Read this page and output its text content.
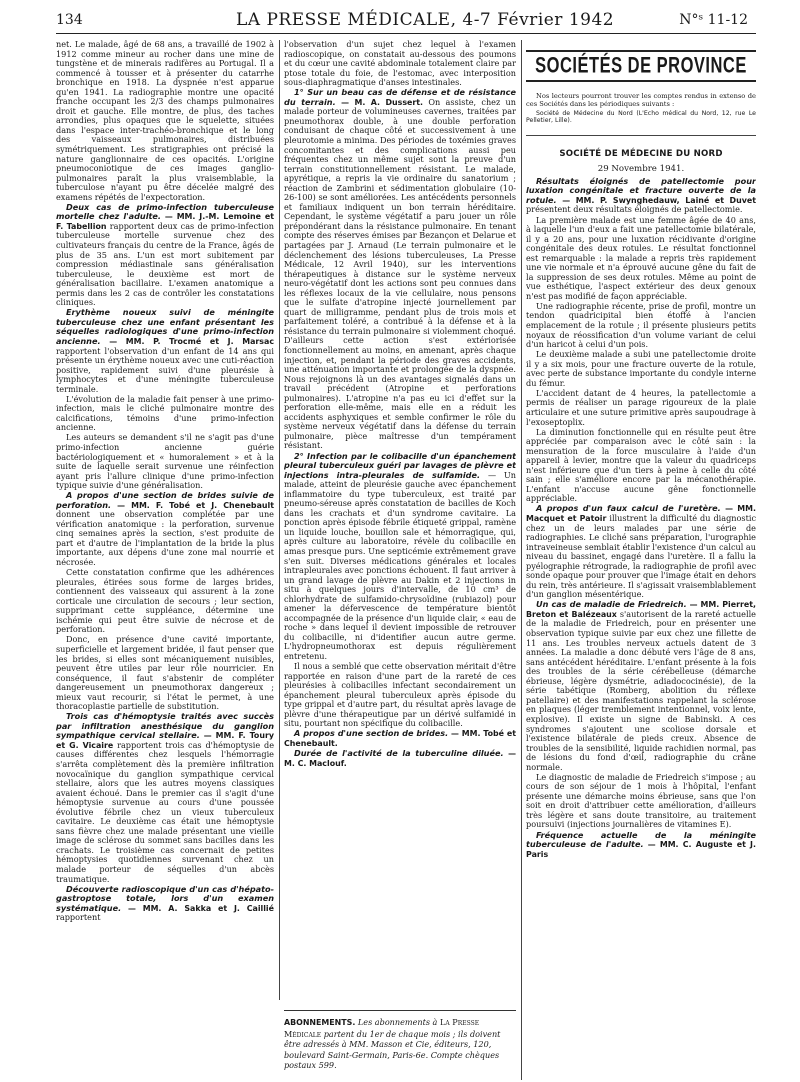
134	LA PRESSE MÉDICALE, 4-7 Février 1942	N°ˢ 11-12

net. Le malade, âgé de 68 ans, a travaillé de 1902 à 1912 comme mineur au rocher dans une mine de tungstène et de minerais radifères au Portugal. Il a commencé à tousser et à présenter du catarrhe bronchique en 1918. La dyspnée n'est apparue qu'en 1941. La radiographie montre une opacité franche occupant les 2/3 des champs pulmonaires droit et gauche. Elle montre, de plus, des taches arrondies, plus opaques que le squelette, situées dans l'espace inter-trachéo-bronchique et le long des vaisseaux pulmonaires, distribuées symétriquement. Les stratigraphies ont précisé la nature ganglionnaire de ces opacités. L'origine pneumoconiotique de ces images ganglio-pulmonaires paraît la plus vraisemblable, la tuberculose n'ayant pu être décelée malgré des examens répétés de l'expectoration.

Deux cas de primo-infection tuberculeuse mortelle chez l'adulte. — MM. J.-M. Lemoine et F. Tabellion rapportent deux cas de primo-infection tuberculeuse mortelle survenue chez des cultivateurs français du centre de la France, âgés de plus de 35 ans. L'un est mort subitement par compression médiastinale sans généralisation tuberculeuse, le deuxième est mort de généralisation bacillaire. L'examen anatomique a permis dans les 2 cas de contrôler les constatations cliniques.

Erythème noueux suivi de méningite tuberculeuse chez une enfant présentant les séquelles radiologiques d'une primo-infection ancienne. — MM. P. Trocmé et J. Marsac rapportent l'observation d'un enfant de 14 ans qui présente un érythème noueux avec une cuti-réaction positive, rapidement suivi d'une pleurésie à lymphocytes et d'une méningite tuberculeuse terminale.

L'évolution de la maladie fait penser à une primo-infection, mais le cliché pulmonaire montre des calcifications, témoins d'une primo-infection ancienne.

Les auteurs se demandent s'il ne s'agit pas d'une primo-infection ancienne guérie bactériologiquement et « humoralement » et à la suite de laquelle serait survenue une réinfection ayant pris l'allure clinique d'une primo-infection typique suivie d'une généralisation.

A propos d'une section de brides suivie de perforation. — MM. F. Tobé et J. Chenebault donnent une observation complétée par une vérification anatomique : la perforation, survenue cinq semaines après la section, s'est produite de part et d'autre de l'implantation de la bride la plus importante, aux dépens d'une zone mal nourrie et nécrosée.

Cette constatation confirme que les adhérences pleurales, étirées sous forme de larges brides, contiennent des vaisseaux qui assurent à la zone corticale une circulation de secours ; leur section, supprimant cette suppléance, détermine une ischémie qui peut être suivie de nécrose et de perforation.

Donc, en présence d'une cavité importante, superficielle et largement bridée, il faut penser que les brides, si elles sont mécaniquement nuisibles, peuvent être utiles par leur rôle nourricier. En conséquence, il faut s'abstenir de compléter dangereusement un pneumothorax dangereux ; mieux vaut recourir, si l'état le permet, à une thoracoplastie partielle de substitution.

Trois cas d'hémoptysie traités avec succès par infiltration anesthésique du ganglion sympathique cervical stellaire. — MM. F. Toury et G. Vicaire rapportent trois cas d'hémoptysie de causes différentes chez lesquels l'hémorragie s'arrêta complètement dès la première infiltration novocaïnique du ganglion sympathique cervical stellaire, alors que les autres moyens classiques avaient échoué. Dans le premier cas il s'agit d'une hémoptysie survenue au cours d'une poussée évolutive fébrile chez un vieux tuberculeux cavitaire. Le deuxième cas était une hémoptysie sans fièvre chez une malade présentant une vieille image de sclérose du sommet sans bacilles dans les crachats. Le troisième cas concernait de petites hémoptysies quotidiennes survenant chez un malade porteur de séquelles d'un abcès traumatique.

Découverte radioscopique d'un cas d'hépato-gastroptose totale, lors d'un examen systématique. — MM. A. Sakka et J. Caillié rapportent

l'observation d'un sujet chez lequel à l'examen radioscopique, on constatait au-dessous des poumons et du cœur une cavité abdominale totalement claire par ptose totale du foie, de l'estomac, avec interposition sous-diaphragmatique d'anses intestinales.

1° Sur un beau cas de défense et de résistance du terrain. — M. A. Dussert. On assiste, chez un malade porteur de volumineuses cavernes, traitées par pneumothorax double, à une double perforation conduisant de chaque côté et successivement à une pleurotomie a minima. Des périodes de toxémies graves concomitantes et des complications aussi peu fréquentes chez un même sujet sont la preuve d'un terrain constitutionnellement résistant. Le malade, apyrétique, a repris la vie ordinaire du sanatorium ; réaction de Zambrini et sédimentation globulaire (10-26-100) se sont améliorées. Les antécédents personnels et familiaux indiquent un bon terrain héréditaire. Cependant, le système végétatif a paru jouer un rôle prépondérant dans la résistance pulmonaire. En tenant compte des réserves émises par Bezançon et Delarue et partagées par J. Arnaud (Le terrain pulmonaire et le déclenchement des lésions tuberculeuses, La Presse Médicale, 12 Avril 1940), sur les interventions thérapeutiques à distance sur le système nerveux neuro-végétatif dont les actions sont peu connues dans les réflexes locaux de la vie cellulaire, nous pensons que le sulfate d'atropine injecté journellement par quart de milligramme, pendant plus de trois mois et parfaitement toléré, a contribué à la défense et à la résistance du terrain pulmonaire si violemment choqué. D'ailleurs cette action s'est extériorisée fonctionnellement au moins, en amenant, après chaque injection, et, pendant la période des graves accidents, une atténuation importante et prolongée de la dyspnée. Nous rejoignons là un des avantages signalés dans un travail précédent (Atropine et perforations pulmonaires). L'atropine n'a pas eu ici d'effet sur la perforation elle-même, mais elle en a réduit les accidents asphyxiques et semble confirmer le rôle du système nerveux végétatif dans la défense du terrain pulmonaire, pièce maîtresse d'un tempérament résistant.

2° Infection par le colibacille d'un épanchement pleural tuberculeux guéri par lavages de plèvre et injections intra-pleurales de sulfamide. — Un malade, atteint de pleurésie gauche avec épanchement inflammatoire du type tuberculeux, est traité par pneumo-séreuse après constatation de bacilles de Koch dans les crachats et d'un syndrome cavitaire. La ponction après épisode fébrile étiqueté grippal, ramène un liquide louche, bouillon sale et hémorragique, qui, après culture au laboratoire, révèle du colibacille en amas presque purs. Une septicémie extrêmement grave s'en suit. Diverses médications générales et locales intrapleurales avec ponctions échouent. Il faut arriver à un grand lavage de plèvre au Dakin et 2 injections in situ à quelques jours d'intervalle, de 10 cm³ de chlorhydrate de sulfamido-chrysoïdine (rubiazol) pour amener la défervescence de température bientôt accompagnée de la présence d'un liquide clair, « eau de roche » dans lequel il devient impossible de retrouver du colibacille, ni d'identifier aucun autre germe. L'hydropneumothorax est depuis régulièrement entretenu.

Il nous a semblé que cette observation méritait d'être rapportée en raison d'une part de la rareté de ces pleurésies à colibacilles infectant secondairement un épanchement pleural tuberculeux après épisode du type grippal et d'autre part, du résultat après lavage de plèvre d'une thérapeutique par un dérivé sulfamidé in situ, pourtant non spécifique du colibacille.

A propos d'une section de brides. — MM. Tobé et Chenebault.

Durée de l'activité de la tuberculine diluée. — M. C. Maclouf.

ABONNEMENTS. Les abonnements à La Presse Médicale partent du 1er de chaque mois ; ils doivent être adressés à MM. Masson et Cie, éditeurs, 120, boulevard Saint-Germain, Paris-6e. Compte chèques postaux 599.
SOCIÉTÉS DE PROVINCE

Nos lecteurs pourront trouver les comptes rendus in extenso de ces Sociétés dans les périodiques suivants :

Société de Médecine du Nord (L'Echo médical du Nord, 12, rue Le Pelletier, Lille).

SOCIÉTÉ DE MÉDECINE DU NORD
29 Novembre 1941.

Résultats éloignés de patellectomie pour luxation congénitale et fracture ouverte de la rotule. — MM. P. Swynghedauw, Lainé et Duvet présentent deux résultats éloignés de patellectomie.

La première malade est une femme âgée de 40 ans, à laquelle l'un d'eux a fait une patellectomie bilatérale, il y a 20 ans, pour une luxation récidivante d'origine congénitale des deux rotules. Le résultat fonctionnel est remarquable : la malade a repris très rapidement une vie normale et n'a éprouvé aucune gêne du fait de la suppression de ses deux rotules. Même au point de vue esthétique, l'aspect extérieur des deux genoux n'est pas modifié de façon appréciable.

Une radiographie récente, prise de profil, montre un tendon quadricipital bien étoffé à l'ancien emplacement de la rotule ; il présente plusieurs petits noyaux de réossification d'un volume variant de celui d'un haricot à celui d'un pois.

Le deuxième malade a subi une patellectomie droite il y a six mois, pour une fracture ouverte de la rotule, avec perte de substance importante du condyle interne du fémur.

L'accident datant de 4 heures, la patellectomie a permis de réaliser un parage rigoureux de la plaie articulaire et une suture primitive après saupoudrage à l'exoseptoplix.

La diminution fonctionnelle qui en résulte peut être appréciée par comparaison avec le côté sain : la mensuration de la force musculaire à l'aide d'un appareil à levier, montre que la valeur du quadriceps n'est inférieure que d'un tiers à peine à celle du côté sain ; elle s'améliore encore par la mécanothérapie. L'enfant n'accuse aucune gêne fonctionnelle appréciable.

A propos d'un faux calcul de l'uretère. — MM. Macquet et Patoir illustrent la difficulté du diagnostic chez un de leurs malades par une série de radiographies. Le cliché sans préparation, l'urographie intraveineuse semblait établir l'existence d'un calcul au niveau du bassinet, engagé dans l'uretère. Il a fallu la pyélographie rétrograde, la radiographie de profil avec sonde opaque pour prouver que l'image était en dehors du rein, très antérieure. Il s'agissait vraisemblablement d'un ganglion mésentérique.

Un cas de maladie de Friedreich. — MM. Pierret, Breton et Balézeaux s'autorisent de la rareté actuelle de la maladie de Friedreich, pour en présenter une observation typique suivie par eux chez une fillette de 11 ans. Les troubles nerveux actuels datent de 3 années. La maladie a donc débuté vers l'âge de 8 ans, sans antécédent héréditaire. L'enfant présente à la fois des troubles de la série cérébelleuse (démarche ébrieuse, légère dysmétrie, adiadococinésie), de la série tabétique (Romberg, abolition du réflexe patellaire) et des manifestations rappelant la sclérose en plaques (léger tremblement intentionnel, voix lente, explosive). Il existe un signe de Babinski. A ces syndromes s'ajoutent une scoliose dorsale et l'existence bilatérale de pieds creux. Absence de troubles de la sensibilité, liquide rachidien normal, pas de lésions du fond d'œil, radiographie du crâne normale.

Le diagnostic de maladie de Friedreich s'impose ; au cours de son séjour de 1 mois à l'hôpital, l'enfant présente une démarche moins ébrieuse, sans que l'on soit en droit d'attribuer cette amélioration, d'ailleurs très légère et sans doute transitoire, au traitement poursuivi (injections journalières de vitamines E).

Fréquence actuelle de la méningite tuberculeuse de l'adulte. — MM. C. Auguste et J. Paris
